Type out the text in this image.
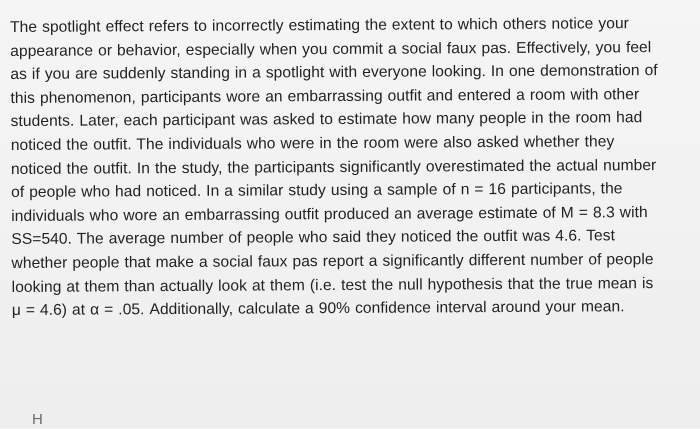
The spotlight effect refers to incorrectly estimating the extent to which others notice your
appearance or behavior, especially when you commit a social faux pas. Effectively, you feel
as if you are suddenly standing in a spotlight with everyone looking. In one demonstration of
this phenomenon, participants wore an embarrassing outfit and entered a room with other
students. Later, each participant was asked to estimate how many people in the room had
noticed the outfit. The individuals who were in the room were also asked whether they
noticed the outfit. In the study, the participants significantly overestimated the actual number
of people who had noticed. In a similar study using a sample of n = 16 participants, the
individuals who wore an embarrassing outfit produced an average estimate of M = 8.3 with
SS=540. The average number of people who said they noticed the outfit was 4.6. Test
whether people that make a social faux pas report a significantly different number of people
looking at them than actually look at them (i.e. test the null hypothesis that the true mean is
μ = 4.6) at α = .05. Additionally, calculate a 90% confidence interval around your mean.
H
